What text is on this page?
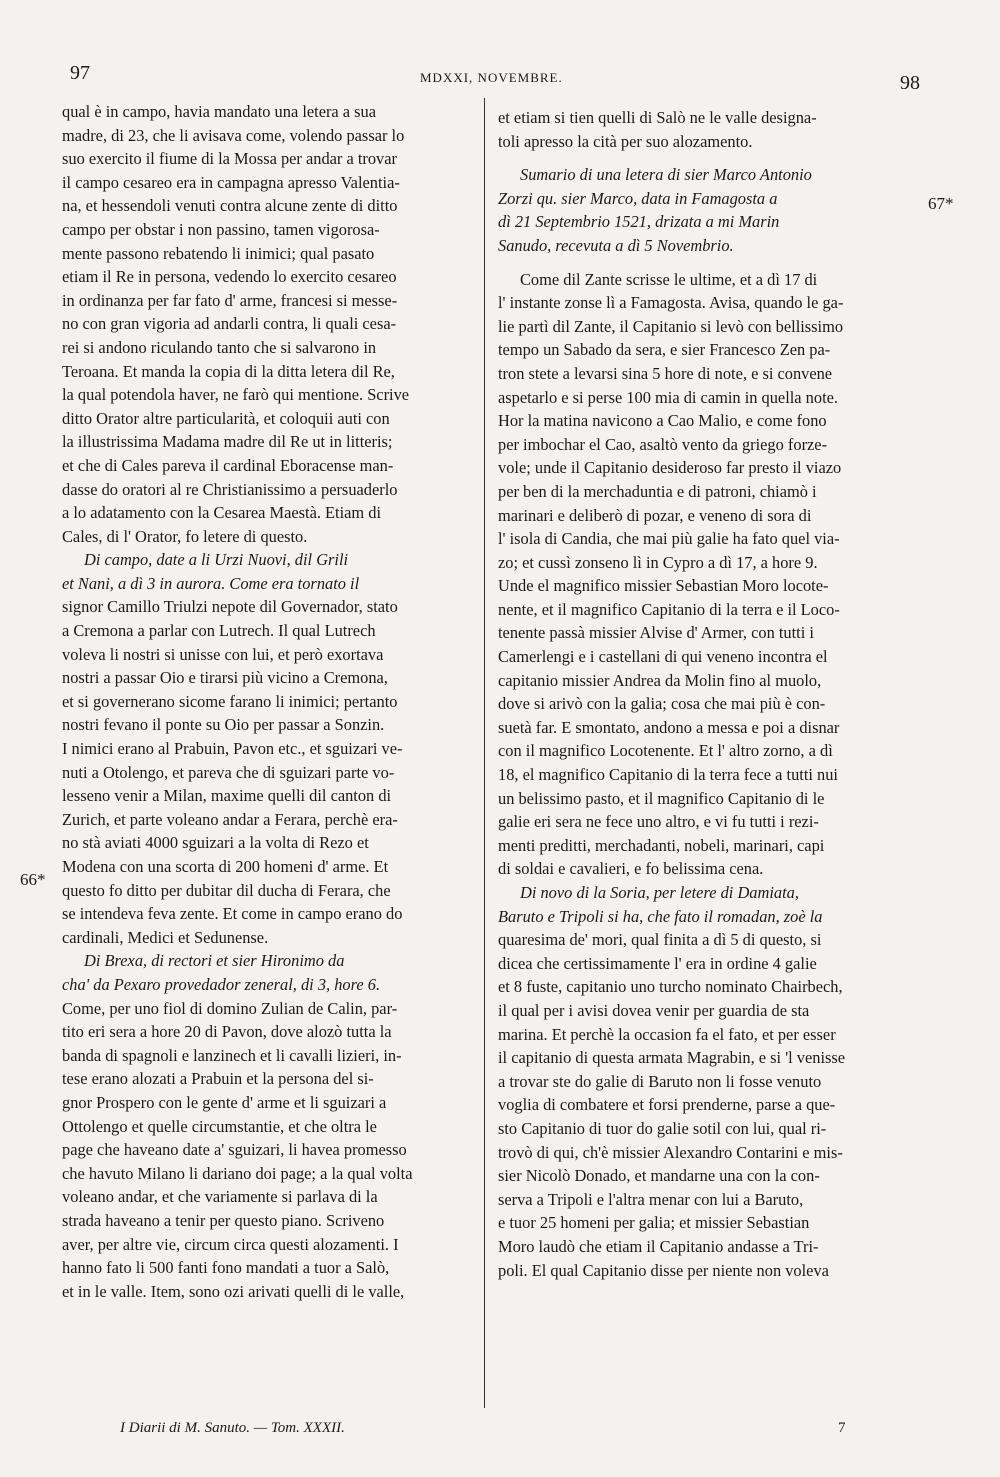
97	MDXXI, NOVEMBRE.	98
66*
67*
qual è in campo, havia mandato una letera a sua
madre, di 23, che li avisava come, volendo passar lo
suo exercito il fiume di la Mossa per andar a trovar
il campo cesareo era in campagna apresso Valentia-
na, et hessendoli venuti contra alcune zente di ditto
campo per obstar i non passino, tamen vigorosa-
mente passono rebatendo li inimici; qual pasato
etiam il Re in persona, vedendo lo exercito cesareo
in ordinanza per far fato d' arme, francesi si messe-
no con gran vigoria ad andarli contra, li quali cesa-
rei si andono riculando tanto che si salvarono in
Teroana. Et manda la copia di la ditta letera dil Re,
la qual potendola haver, ne farò qui mentione. Scrive
ditto Orator altre particularità, et coloquii auti con
la illustrissima Madama madre dil Re ut in litteris;
et che di Cales pareva il cardinal Eboracense man-
dasse do oratori al re Christianissimo a persuaderlo
a lo adatamento con la Cesarea Maestà. Etiam di
Cales, di l' Orator, fo letere di questo.
Di campo, date a li Urzi Nuovi, dil Grili
et Nani, a dì 3 in aurora. Come era tornato il
signor Camillo Triulzi nepote dil Governador, stato
a Cremona a parlar con Lutrech. Il qual Lutrech
voleva li nostri si unisse con lui, et però exortava
nostri a passar Oio e tirarsi più vicino a Cremona,
et si governerano sicome farano li inimici; pertanto
nostri fevano il ponte su Oio per passar a Sonzin.
I nimici erano al Prabuin, Pavon etc., et sguizari ve-
nuti a Otolengo, et pareva che di sguizari parte vo-
lesseno venir a Milan, maxime quelli dil canton di
Zurich, et parte voleano andar a Ferara, perchè era-
no stà aviati 4000 sguizari a la volta di Rezo et
Modena con una scorta di 200 homeni d' arme. Et
questo fo ditto per dubitar dil ducha di Ferara, che
se intendeva feva zente. Et come in campo erano do
cardinali, Medici et Sedunense.
Di Brexa, di rectori et sier Hironimo da
cha' da Pexaro provedador zeneral, di 3, hore 6.
Come, per uno fiol di domino Zulian de Calin, par-
tito eri sera a hore 20 di Pavon, dove alozò tutta la
banda di spagnoli e lanzinech et li cavalli lizieri, in-
tese erano alozati a Prabuin et la persona del si-
gnor Prospero con le gente d' arme et li sguizari a
Ottolengo et quelle circumstantie, et che oltra le
page che haveano date a' sguizari, li havea promesso
che havuto Milano li dariano doi page; a la qual volta
voleano andar, et che variamente si parlava di la
strada haveano a tenir per questo piano. Scriveno
aver, per altre vie, circum circa questi alozamenti. I
hanno fato li 500 fanti fono mandati a tuor a Salò,
et in le valle. Item, sono ozi arivati quelli di le valle,
et etiam si tien quelli di Salò ne le valle designa-
toli apresso la cità per suo alozamento.
Sumario di una letera di sier Marco Antonio
Zorzi qu. sier Marco, data in Famagosta a
dì 21 Septembrio 1521, drizata a mi Marin
Sanudo, recevuta a dì 5 Novembrio.
Come dil Zante scrisse le ultime, et a dì 17 di
l' instante zonse lì a Famagosta. Avisa, quando le ga-
lie partì dil Zante, il Capitanio si levò con bellissimo
tempo un Sabado da sera, e sier Francesco Zen pa-
tron stete a levarsi sina 5 hore di note, e si convene
aspetarlo e si perse 100 mia di camin in quella note.
Hor la matina navicono a Cao Malio, e come fono
per imbochar el Cao, asaltò vento da griego forze-
vole; unde il Capitanio desideroso far presto il viazo
per ben di la merchaduntia e di patroni, chiamò i
marinari e deliberò di pozar, e veneno di sora di
l' isola di Candia, che mai più galie ha fato quel via-
zo; et cussì zonseno lì in Cypro a dì 17, a hore 9.
Unde el magnifico missier Sebastian Moro locote-
nente, et il magnifico Capitanio di la terra e il Loco-
tenente passà missier Alvise d' Armer, con tutti i
Camerlengi e i castellani di qui veneno incontra el
capitanio missier Andrea da Molin fino al muolo,
dove si arivò con la galia; cosa che mai più è con-
suetà far. E smontato, andono a messa e poi a disnar
con il magnifico Locotenente. Et l' altro zorno, a dì
18, el magnifico Capitanio di la terra fece a tutti nui
un belissimo pasto, et il magnifico Capitanio di le
galie eri sera ne fece uno altro, e vi fu tutti i rezi-
menti preditti, merchadanti, nobeli, marinari, capi
di soldai e cavalieri, e fo belissima cena.
Di novo di la Soria, per letere di Damiata,
Baruto e Tripoli si ha, che fato il romadan, zoè la
quaresima de' mori, qual finita a dì 5 di questo, si
dicea che certissimamente l' era in ordine 4 galie
et 8 fuste, capitanio uno turcho nominato Chairbech,
il qual per i avisi dovea venir per guardia de sta
marina. Et perchè la occasion fa el fato, et per esser
il capitanio di questa armata Magrabin, e si 'l venisse
a trovar ste do galie di Baruto non li fosse venuto
voglia di combatere et forsi prenderne, parse a que-
sto Capitanio di tuor do galie sotil con lui, qual ri-
trovò di qui, ch'è missier Alexandro Contarini e mis-
sier Nicolò Donado, et mandarne una con la con-
serva a Tripoli e l'altra menar con lui a Baruto,
e tuor 25 homeni per galia; et missier Sebastian
Moro laudò che etiam il Capitanio andasse a Tri-
poli. El qual Capitanio disse per niente non voleva
I Diarii di M. Sanuto. — Tom. XXXII.	7
